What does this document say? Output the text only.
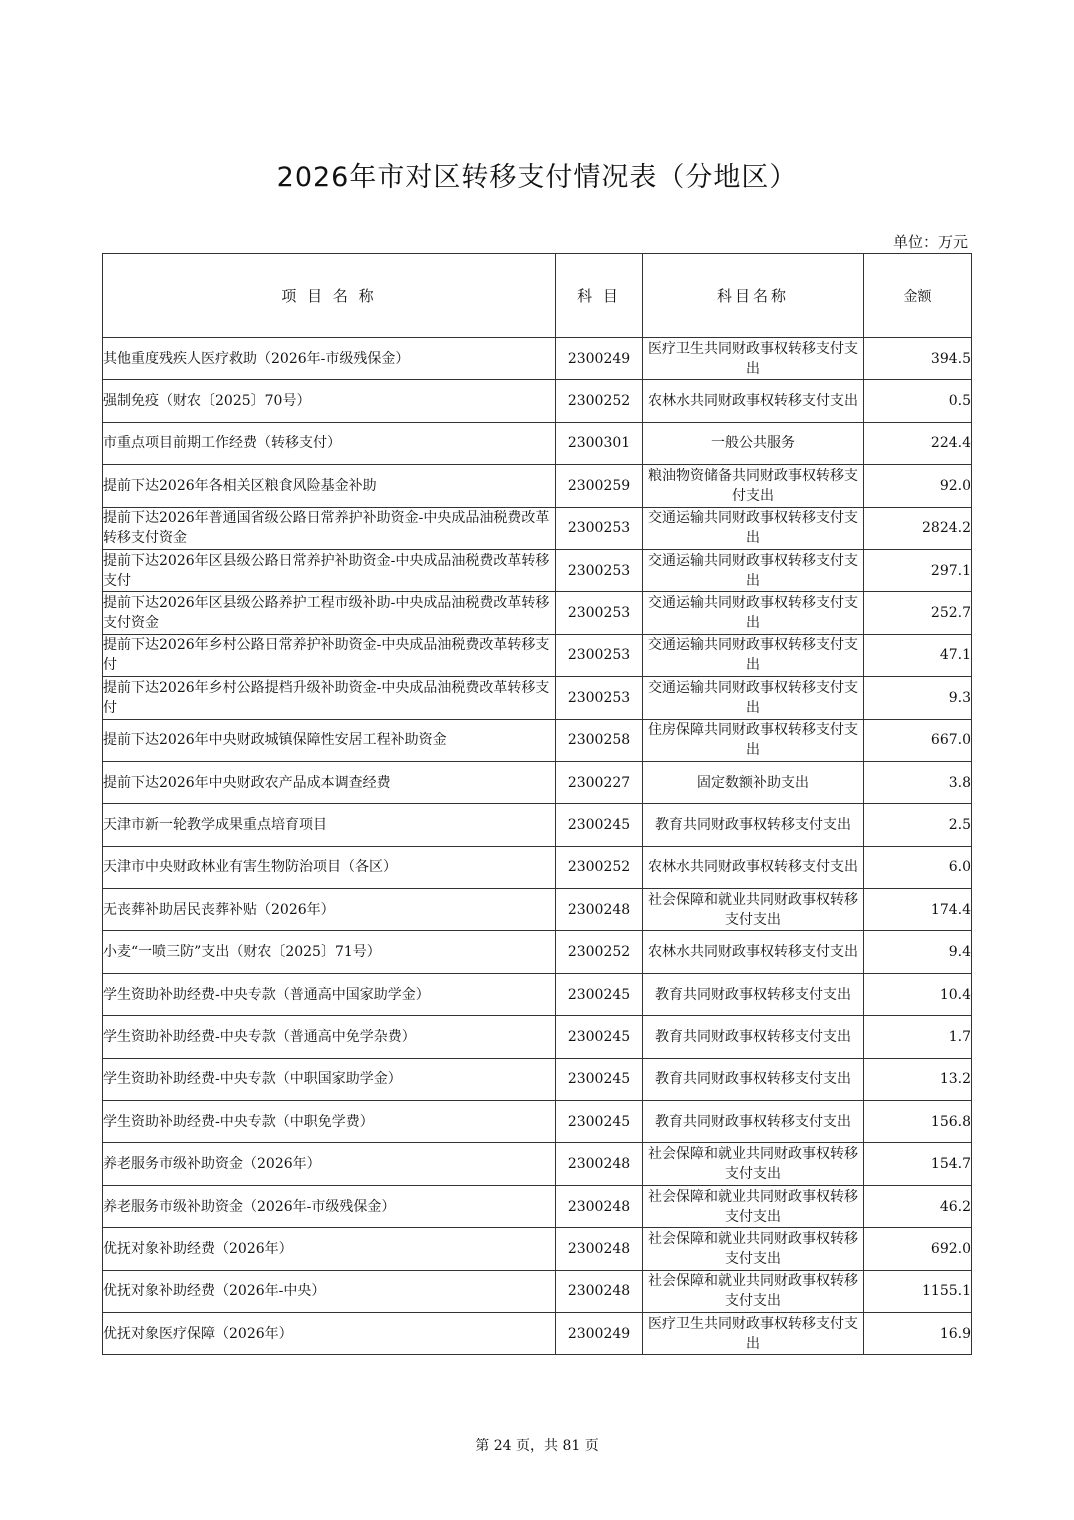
2026年市对区转移支付情况表（分地区）
单位：万元
项 目 名 称	科 目	科目名称	金额
其他重度残疾人医疗救助（2026年-市级残保金）	2300249	医疗卫生共同财政事权转移支付支出	394.5
强制免疫（财农〔2025〕70号）	2300252	农林水共同财政事权转移支付支出	0.5
市重点项目前期工作经费（转移支付）	2300301	一般公共服务	224.4
提前下达2026年各相关区粮食风险基金补助	2300259	粮油物资储备共同财政事权转移支付支出	92.0
提前下达2026年普通国省级公路日常养护补助资金-中央成品油税费改革转移支付资金	2300253	交通运输共同财政事权转移支付支出	2824.2
提前下达2026年区县级公路日常养护补助资金-中央成品油税费改革转移支付	2300253	交通运输共同财政事权转移支付支出	297.1
提前下达2026年区县级公路养护工程市级补助-中央成品油税费改革转移支付资金	2300253	交通运输共同财政事权转移支付支出	252.7
提前下达2026年乡村公路日常养护补助资金-中央成品油税费改革转移支付	2300253	交通运输共同财政事权转移支付支出	47.1
提前下达2026年乡村公路提档升级补助资金-中央成品油税费改革转移支付	2300253	交通运输共同财政事权转移支付支出	9.3
提前下达2026年中央财政城镇保障性安居工程补助资金	2300258	住房保障共同财政事权转移支付支出	667.0
提前下达2026年中央财政农产品成本调查经费	2300227	固定数额补助支出	3.8
天津市新一轮教学成果重点培育项目	2300245	教育共同财政事权转移支付支出	2.5
天津市中央财政林业有害生物防治项目（各区）	2300252	农林水共同财政事权转移支付支出	6.0
无丧葬补助居民丧葬补贴（2026年）	2300248	社会保障和就业共同财政事权转移支付支出	174.4
小麦“一喷三防”支出（财农〔2025〕71号）	2300252	农林水共同财政事权转移支付支出	9.4
学生资助补助经费-中央专款（普通高中国家助学金）	2300245	教育共同财政事权转移支付支出	10.4
学生资助补助经费-中央专款（普通高中免学杂费）	2300245	教育共同财政事权转移支付支出	1.7
学生资助补助经费-中央专款（中职国家助学金）	2300245	教育共同财政事权转移支付支出	13.2
学生资助补助经费-中央专款（中职免学费）	2300245	教育共同财政事权转移支付支出	156.8
养老服务市级补助资金（2026年）	2300248	社会保障和就业共同财政事权转移支付支出	154.7
养老服务市级补助资金（2026年-市级残保金）	2300248	社会保障和就业共同财政事权转移支付支出	46.2
优抚对象补助经费（2026年）	2300248	社会保障和就业共同财政事权转移支付支出	692.0
优抚对象补助经费（2026年-中央）	2300248	社会保障和就业共同财政事权转移支付支出	1155.1
优抚对象医疗保障（2026年）	2300249	医疗卫生共同财政事权转移支付支出	16.9
第 24 页，共 81 页
